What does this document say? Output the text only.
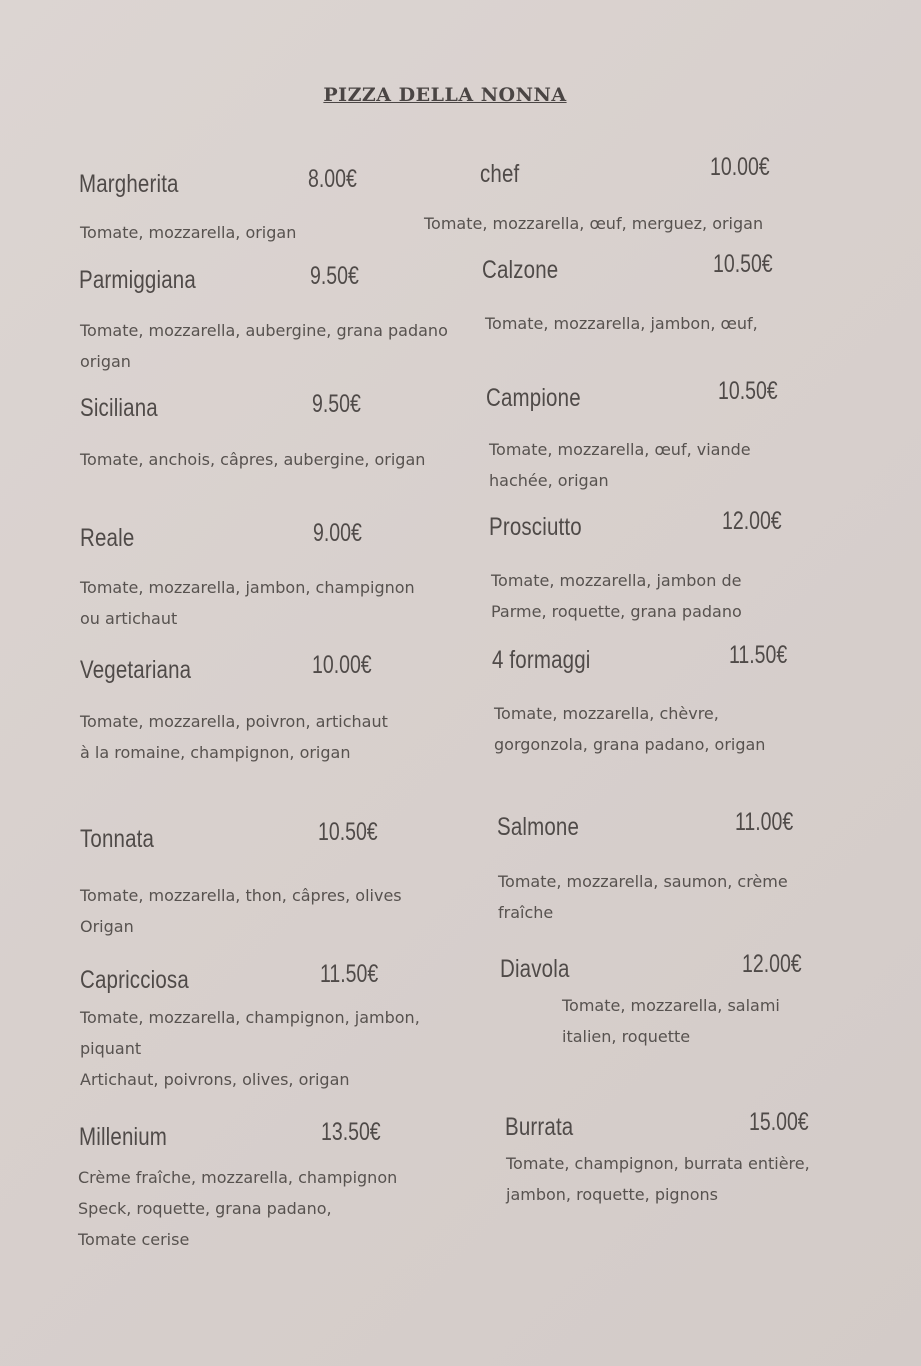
PIZZA DELLA NONNA
Margherita	8.00€
Tomate, mozzarella, origan
Parmiggiana	9.50€
Tomate, mozzarella, aubergine, grana padano
origan
Siciliana	9.50€
Tomate, anchois, câpres, aubergine, origan
Reale	9.00€
Tomate, mozzarella, jambon, champignon
ou artichaut
Vegetariana	10.00€
Tomate, mozzarella, poivron, artichaut
à la romaine, champignon, origan
Tonnata	10.50€
Tomate, mozzarella, thon, câpres, olives
Origan
Capricciosa	11.50€
Tomate, mozzarella, champignon, jambon,
piquant
Artichaut, poivrons, olives, origan
Millenium	13.50€
Crème fraîche, mozzarella, champignon
Speck, roquette, grana padano,
Tomate cerise
chef	10.00€
Tomate, mozzarella, œuf, merguez, origan
Calzone	10.50€
Tomate, mozzarella, jambon, œuf,
Campione	10.50€
Tomate, mozzarella, œuf, viande
hachée, origan
Prosciutto	12.00€
Tomate, mozzarella, jambon de
Parme, roquette, grana padano
4 formaggi	11.50€
Tomate, mozzarella, chèvre,
gorgonzola, grana padano, origan
Salmone	11.00€
Tomate, mozzarella, saumon, crème
fraîche
Diavola	12.00€
Tomate, mozzarella, salami
italien, roquette
Burrata	15.00€
Tomate, champignon, burrata entière,
jambon, roquette, pignons
